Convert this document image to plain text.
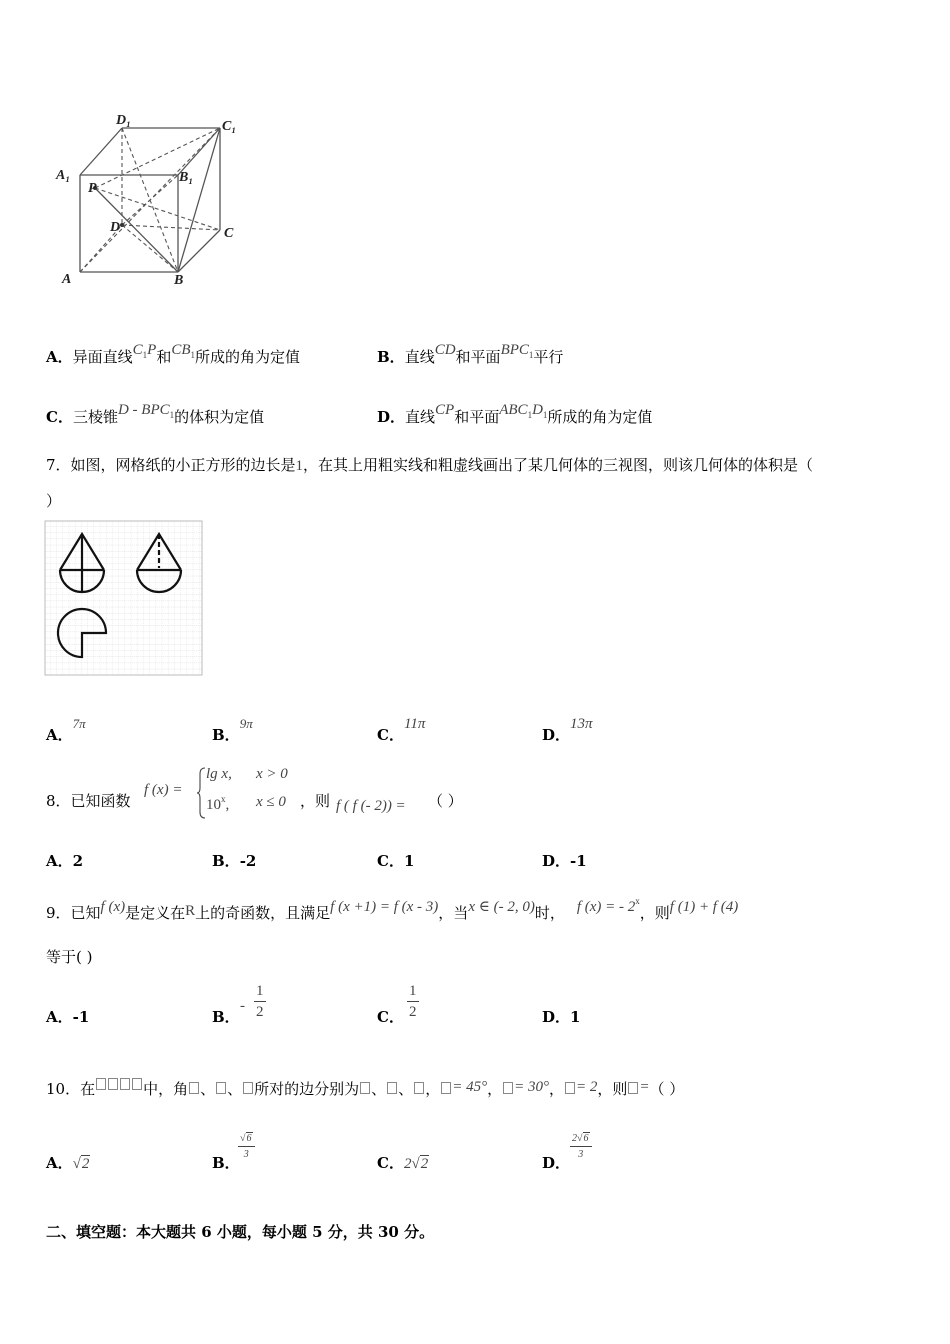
D₁	C₁
A₁	B₁
P
D	C
A	B
A．异面直线$C_1P$和$CB_1$所成的角为定值	B．直线CD和平面$BPC_1$平行
C．三棱锥D - $BPC_1$的体积为定值	D．直线CP和平面$ABC_1D_1$所成的角为定值
7．如图，网格纸的小正方形的边长是1，在其上用粗实线和粗虚线画出了某几何体的三视图，则该几何体的体积是（
）
A．7π
B．9π
C．11π
D．13π
8．已知函数
f (x) =
lg x, x > 0
10$^x$, x ≤ 0 ，则 f ( f (- 2)) = （ ）
A．2	B．-2	C．1	D．-1
9．已知f (x)是定义在R上的奇函数，且满足f (x +1) = f (x - 3)，当x ∈ (- 2, 0)时， f (x) = - 2$^x$，则f (1) + f (4)
等于( )
A．-1	B．
- $\frac{1}{2}$	C． $\frac{1}{2}$	D．1
10．在	中，角 、 、 所对的边分别为 、 、 ， = 45°， = 30°， = 2，则 =（ ）
A．√2	B．
$\frac{√6}{3}$
C．2√2	D．
$\frac{2√6}{3}$
二、填空题：本大题共 6 小题，每小题 5 分，共 30 分。
